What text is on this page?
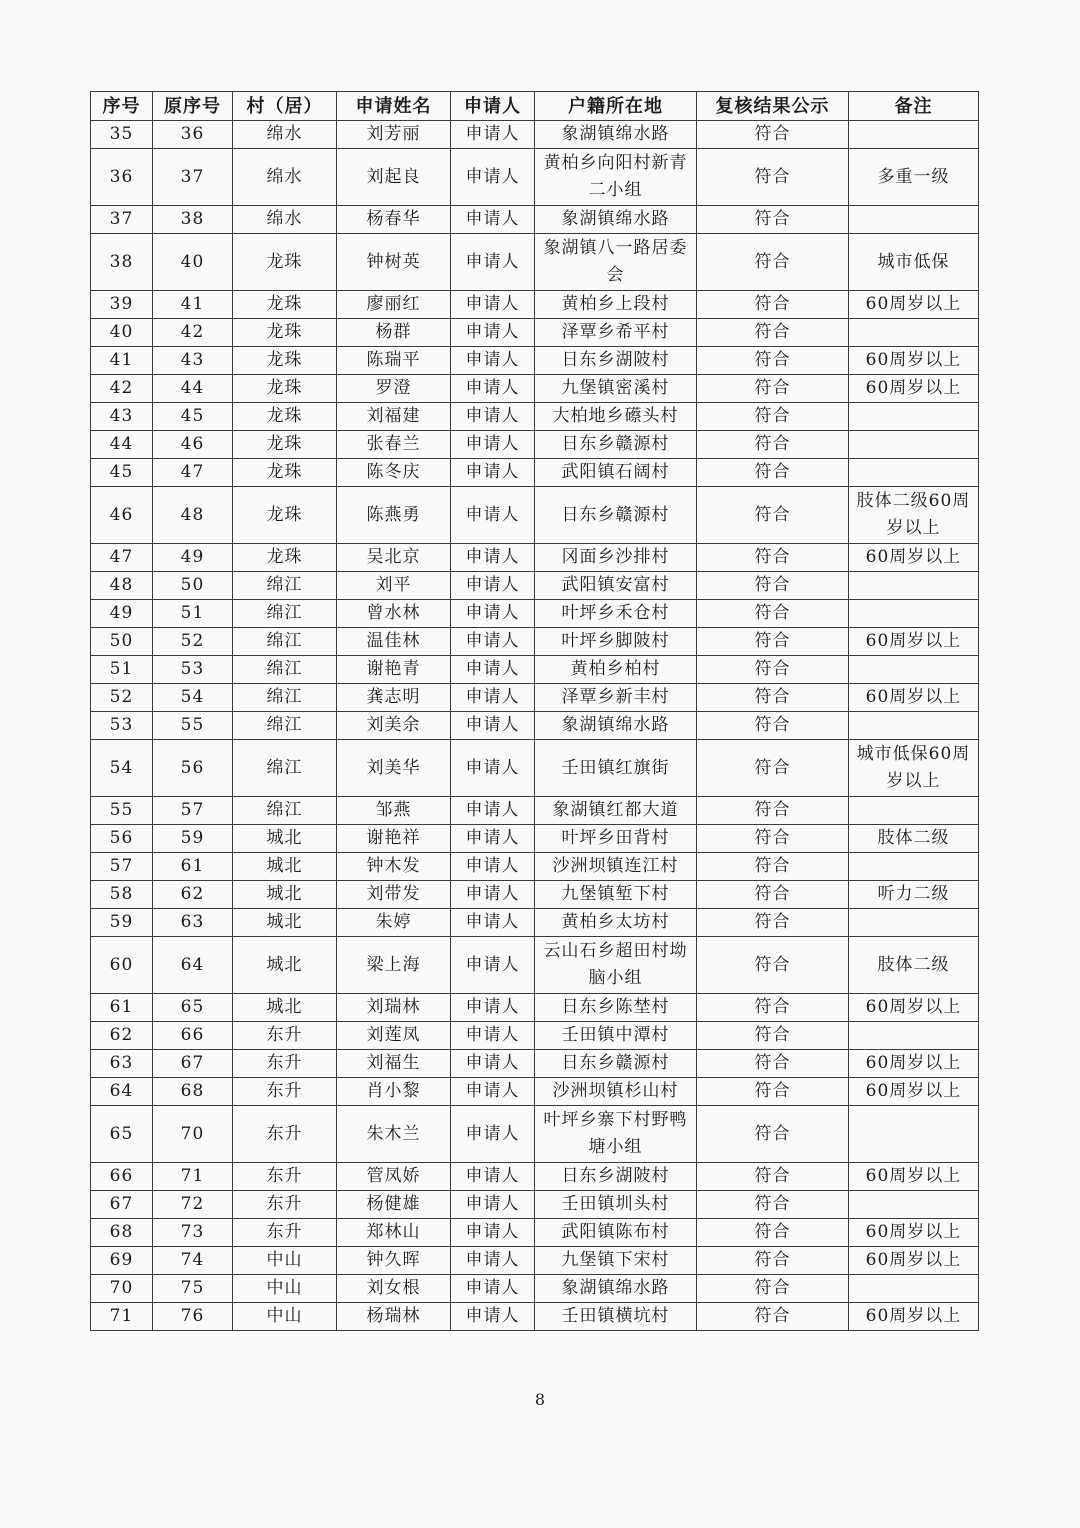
序号	原序号	村（居）	申请姓名	申请人	户籍所在地	复核结果公示	备注
35	36	绵水	刘芳丽	申请人	象湖镇绵水路	符合	
36	37	绵水	刘起良	申请人	黄柏乡向阳村新青二小组	符合	多重一级
37	38	绵水	杨春华	申请人	象湖镇绵水路	符合	
38	40	龙珠	钟树英	申请人	象湖镇八一路居委会	符合	城市低保
39	41	龙珠	廖丽红	申请人	黄柏乡上段村	符合	60周岁以上
40	42	龙珠	杨群	申请人	泽覃乡希平村	符合	
41	43	龙珠	陈瑞平	申请人	日东乡湖陂村	符合	60周岁以上
42	44	龙珠	罗澄	申请人	九堡镇密溪村	符合	60周岁以上
43	45	龙珠	刘福建	申请人	大柏地乡礤头村	符合	
44	46	龙珠	张春兰	申请人	日东乡赣源村	符合	
45	47	龙珠	陈冬庆	申请人	武阳镇石阔村	符合	
46	48	龙珠	陈燕勇	申请人	日东乡赣源村	符合	肢体二级60周岁以上
47	49	龙珠	吴北京	申请人	冈面乡沙排村	符合	60周岁以上
48	50	绵江	刘平	申请人	武阳镇安富村	符合	
49	51	绵江	曾水林	申请人	叶坪乡禾仓村	符合	
50	52	绵江	温佳林	申请人	叶坪乡脚陂村	符合	60周岁以上
51	53	绵江	谢艳青	申请人	黄柏乡柏村	符合	
52	54	绵江	龚志明	申请人	泽覃乡新丰村	符合	60周岁以上
53	55	绵江	刘美余	申请人	象湖镇绵水路	符合	
54	56	绵江	刘美华	申请人	壬田镇红旗街	符合	城市低保60周岁以上
55	57	绵江	邹燕	申请人	象湖镇红都大道	符合	
56	59	城北	谢艳祥	申请人	叶坪乡田背村	符合	肢体二级
57	61	城北	钟木发	申请人	沙洲坝镇连江村	符合	
58	62	城北	刘带发	申请人	九堡镇堑下村	符合	听力二级
59	63	城北	朱婷	申请人	黄柏乡太坊村	符合	
60	64	城北	梁上海	申请人	云山石乡超田村坳脑小组	符合	肢体二级
61	65	城北	刘瑞林	申请人	日东乡陈埜村	符合	60周岁以上
62	66	东升	刘莲凤	申请人	壬田镇中潭村	符合	
63	67	东升	刘福生	申请人	日东乡赣源村	符合	60周岁以上
64	68	东升	肖小黎	申请人	沙洲坝镇杉山村	符合	60周岁以上
65	70	东升	朱木兰	申请人	叶坪乡寨下村野鸭塘小组	符合	
66	71	东升	管凤娇	申请人	日东乡湖陂村	符合	60周岁以上
67	72	东升	杨健雄	申请人	壬田镇圳头村	符合	
68	73	东升	郑林山	申请人	武阳镇陈布村	符合	60周岁以上
69	74	中山	钟久晖	申请人	九堡镇下宋村	符合	60周岁以上
70	75	中山	刘女根	申请人	象湖镇绵水路	符合	
71	76	中山	杨瑞林	申请人	壬田镇横坑村	符合	60周岁以上
8
